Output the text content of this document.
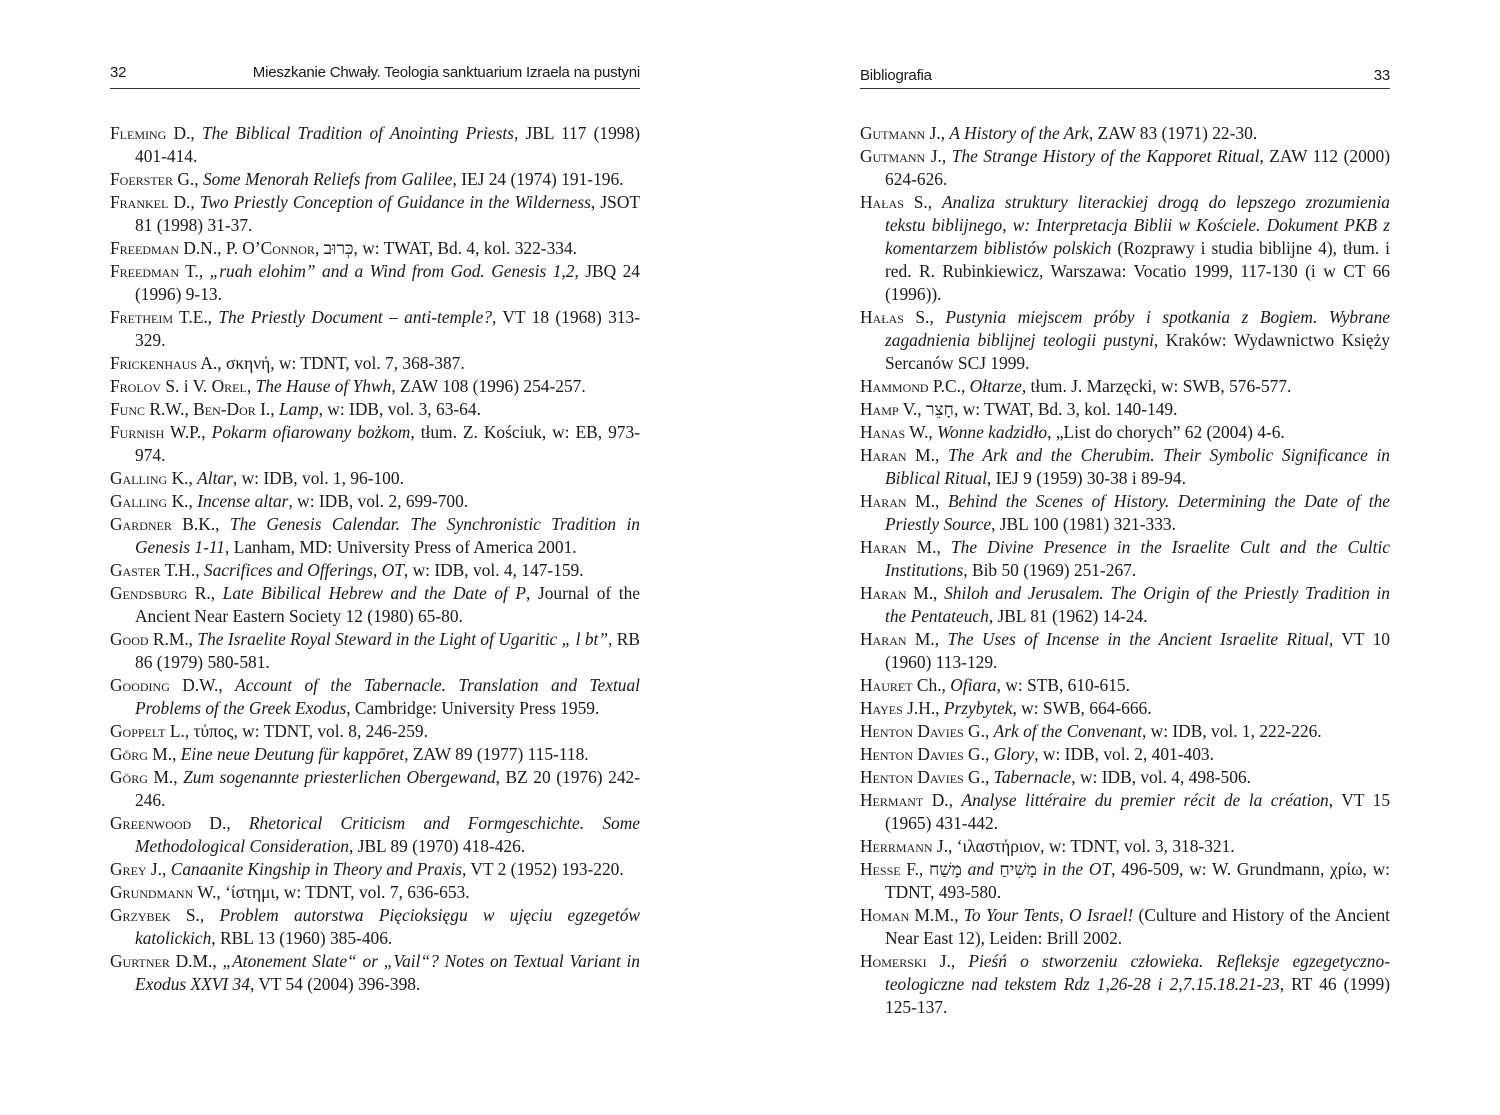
32	Mieszkanie Chwały. Teologia sanktuarium Izraela na pustyni
Fleming D., The Biblical Tradition of Anointing Priests, JBL 117 (1998) 401-414.
Foerster G., Some Menorah Reliefs from Galilee, IEJ 24 (1974) 191-196.
Frankel D., Two Priestly Conception of Guidance in the Wilderness, JSOT 81 (1998) 31-37.
Freedman D.N., P. O’Connor, כְּרוּב, w: TWAT, Bd. 4, kol. 322-334.
Freedman T., „ruah elohim” and a Wind from God. Genesis 1,2, JBQ 24 (1996) 9-13.
Fretheim T.E., The Priestly Document – anti-temple?, VT 18 (1968) 313-329.
Frickenhaus A., σκηνή, w: TDNT, vol. 7, 368-387.
Frolov S. i V. Orel, The Hause of Yhwh, ZAW 108 (1996) 254-257.
Func R.W., Ben-Dor I., Lamp, w: IDB, vol. 3, 63-64.
Furnish W.P., Pokarm ofiarowany bożkom, tłum. Z. Kościuk, w: EB, 973-974.
Galling K., Altar, w: IDB, vol. 1, 96-100.
Galling K., Incense altar, w: IDB, vol. 2, 699-700.
Gardner B.K., The Genesis Calendar. The Synchronistic Tradition in Genesis 1-11, Lanham, MD: University Press of America 2001.
Gaster T.H., Sacrifices and Offerings, OT, w: IDB, vol. 4, 147-159.
Gendsburg R., Late Bibilical Hebrew and the Date of P, Journal of the Ancient Near Eastern Society 12 (1980) 65-80.
Good R.M., The Israelite Royal Steward in the Light of Ugaritic „ l bt”, RB 86 (1979) 580-581.
Gooding D.W., Account of the Tabernacle. Translation and Textual Problems of the Greek Exodus, Cambridge: University Press 1959.
Goppelt L., τύπος, w: TDNT, vol. 8, 246-259.
Görg M., Eine neue Deutung für kappōret, ZAW 89 (1977) 115-118.
Görg M., Zum sogenannte priesterlichen Obergewand, BZ 20 (1976) 242-246.
Greenwood D., Rhetorical Criticism and Formgeschichte. Some Methodological Consideration, JBL 89 (1970) 418-426.
Grey J., Canaanite Kingship in Theory and Praxis, VT 2 (1952) 193-220.
Grundmann W., ‘ίστημι, w: TDNT, vol. 7, 636-653.
Grzybek S., Problem autorstwa Pięcioksięgu w ujęciu egzegetów katolickich, RBL 13 (1960) 385-406.
Gurtner D.M., „Atonement Slate“ or „Vail“? Notes on Textual Variant in Exodus XXVI 34, VT 54 (2004) 396-398.
Bibliografia	33
Gutmann J., A History of the Ark, ZAW 83 (1971) 22-30.
Gutmann J., The Strange History of the Kapporet Ritual, ZAW 112 (2000) 624-626.
Hałas S., Analiza struktury literackiej drogą do lepszego zrozumienia tekstu biblijnego, w: Interpretacja Biblii w Kościele. Dokument PKB z komentarzem biblistów polskich (Rozprawy i studia biblijne 4), tłum. i red. R. Rubinkiewicz, Warszawa: Vocatio 1999, 117-130 (i w CT 66 (1996)).
Hałas S., Pustynia miejscem próby i spotkania z Bogiem. Wybrane zagadnienia biblijnej teologii pustyni, Kraków: Wydawnictwo Księży Sercanów SCJ 1999.
Hammond P.C., Ołtarze, tłum. J. Marzęcki, w: SWB, 576-577.
Hamp V., חָצֵר, w: TWAT, Bd. 3, kol. 140-149.
Hanas W., Wonne kadzidło, „List do chorych” 62 (2004) 4-6.
Haran M., The Ark and the Cherubim. Their Symbolic Significance in Biblical Ritual, IEJ 9 (1959) 30-38 i 89-94.
Haran M., Behind the Scenes of History. Determining the Date of the Priestly Source, JBL 100 (1981) 321-333.
Haran M., The Divine Presence in the Israelite Cult and the Cultic Institutions, Bib 50 (1969) 251-267.
Haran M., Shiloh and Jerusalem. The Origin of the Priestly Tradition in the Pentateuch, JBL 81 (1962) 14-24.
Haran M., The Uses of Incense in the Ancient Israelite Ritual, VT 10 (1960) 113-129.
Hauret Ch., Ofiara, w: STB, 610-615.
Hayes J.H., Przybytek, w: SWB, 664-666.
Henton Davies G., Ark of the Convenant, w: IDB, vol. 1, 222-226.
Henton Davies G., Glory, w: IDB, vol. 2, 401-403.
Henton Davies G., Tabernacle, w: IDB, vol. 4, 498-506.
Hermant D., Analyse littéraire du premier récit de la création, VT 15 (1965) 431-442.
Herrmann J., ‘ιλαστήριον, w: TDNT, vol. 3, 318-321.
Hesse F., מָשַׁח and מָשִׁיחַ in the OT, 496-509, w: W. Grundmann, χρίω, w: TDNT, 493-580.
Homan M.M., To Your Tents, O Israel! (Culture and History of the Ancient Near East 12), Leiden: Brill 2002.
Homerski J., Pieśń o stworzeniu człowieka. Refleksje egzegetyczno-teologiczne nad tekstem Rdz 1,26-28 i 2,7.15.18.21-23, RT 46 (1999) 125-137.
